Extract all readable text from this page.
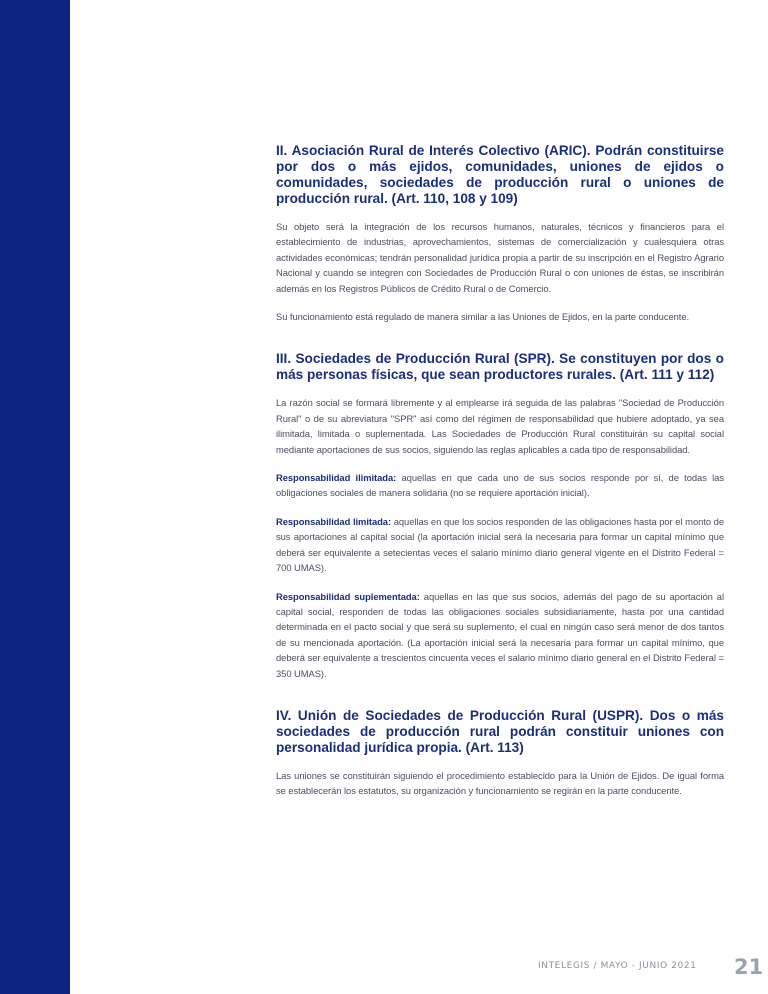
II. Asociación Rural de Interés Colectivo (ARIC). Podrán constituirse por dos o más ejidos, comunidades, uniones de ejidos o comunidades, sociedades de producción rural o uniones de producción rural. (Art. 110, 108 y 109)

Su objeto será la integración de los recursos humanos, naturales, técnicos y financieros para el establecimiento de industrias, aprovechamientos, sistemas de comercialización y cualesquiera otras actividades económicas; tendrán personalidad jurídica propia a partir de su inscripción en el Registro Agrario Nacional y cuando se integren con Sociedades de Producción Rural o con uniones de éstas, se inscribirán además en los Registros Públicos de Crédito Rural o de Comercio.

Su funcionamiento está regulado de manera similar a las Uniones de Ejidos, en la parte conducente.

III. Sociedades de Producción Rural (SPR). Se constituyen por dos o más personas físicas, que sean productores rurales. (Art. 111 y 112)

La razón social se formará libremente y al emplearse irá seguida de las palabras "Sociedad de Producción Rural" o de su abreviatura "SPR" así como del régimen de responsabilidad que hubiere adoptado, ya sea ilimitada, limitada o suplementada. Las Sociedades de Producción Rural constituirán su capital social mediante aportaciones de sus socios, siguiendo las reglas aplicables a cada tipo de responsabilidad.

Responsabilidad ilimitada: aquellas en que cada uno de sus socios responde por sí, de todas las obligaciones sociales de manera solidaria (no se requiere aportación inicial).

Responsabilidad limitada: aquellas en que los socios responden de las obligaciones hasta por el monto de sus aportaciones al capital social (la aportación inicial será la necesaria para formar un capital mínimo que deberá ser equivalente a setecientas veces el salario mínimo diario general vigente en el Distrito Federal = 700 UMAS).

Responsabilidad suplementada: aquellas en las que sus socios, además del pago de su aportación al capital social, responden de todas las obligaciones sociales subsidiariamente, hasta por una cantidad determinada en el pacto social y que será su suplemento, el cual en ningún caso será menor de dos tantos de su mencionada aportación. (La aportación inicial será la necesaria para formar un capital mínimo, que deberá ser equivalente a trescientos cincuenta veces el salario mínimo diario general en el Distrito Federal = 350 UMAS).

IV. Unión de Sociedades de Producción Rural (USPR). Dos o más sociedades de producción rural podrán constituir uniones con personalidad jurídica propia. (Art. 113)

Las uniones se constituirán siguiendo el procedimiento establecido para la Unión de Ejidos. De igual forma se establecerán los estatutos, su organización y funcionamiento se regirán en la parte conducente.

INTELEGIS / MAYO - JUNIO 2021 21
